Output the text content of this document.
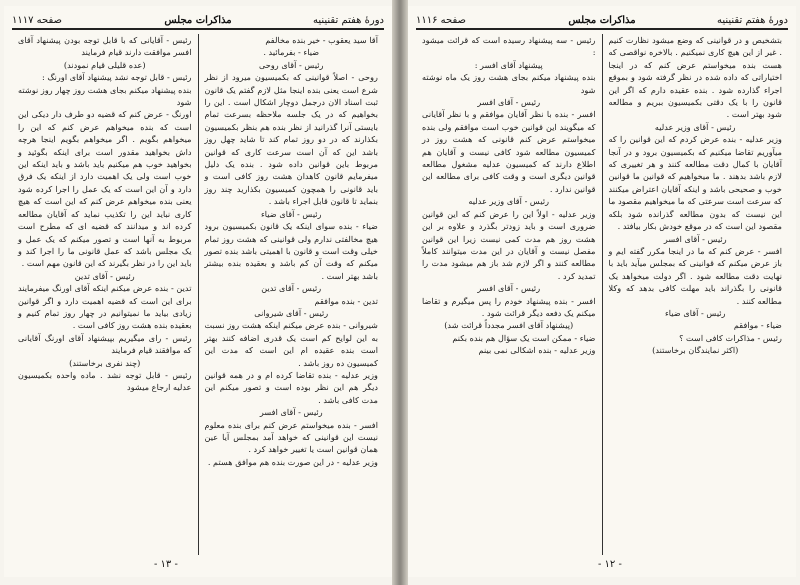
دورهٔ هفتم تقنینیه
مذاکرات مجلس
صفحه ۱۱۱۷

آقا سید یعقوب - خیر بنده مخالفم

ضیاء - بفرمائید .

رئیس - آقای روحی

روحی - اصلاً قوانینی که بکمیسیون میرود از نظر شرع است یعنی بنده اینجا مثل لازم گفتم یک قانون ثبت اسناد الان درجمل دوچار اشکال است . این را بخواهیم که در یک جلسه ملاحظه بسرعت تمام بایستی آنرا گذرانید از نظر بنده هم بنظر بکمیسیون بکذارند که در دو روز تمام کند تا شاید چهل روز باشد این که آن است سرعت کاری که قوانین مربوط باین قوانین داده شود . بنده یک دلیل میفرمایم قانون کاهدان هشت روز کافی است و باید قانونی را همچون کمیسیون بکذارید چند روز بنماید تا قانون قابل اجراء باشد .

رئیس - آقای ضیاء

ضیاء - بنده سوای اینکه یک قانون بکمیسیون برود هیچ مخالفتی ندارم ولی قوانینی که هشت روز تمام خیلی وقت است و قانون با اهمیتی باشد بنده تصور میکنم که وقت آن کم باشد و بعقیده بنده بیشتر باشد بهتر است .

رئیس - آقای تدین

تدین - بنده موافقم

رئیس - آقای شیروانی

شیروانی - بنده عرض میکنم اینکه هشت روز نسبت به این لوایح کم است یک قدری اضافه کنند بهتر است بنده عقیده ام این است که مدت این کمیسیون ده روز باشد .

وزیر عدلیه - بنده تقاضا کرده ام و در همه قوانین دیگر هم این نظر بوده است و تصور میکنم این مدت کافی باشد .

رئیس - آقای افسر

افسر - بنده میخواستم عرض کنم برای بنده معلوم نیست این قوانینی که خواهد آمد بمجلس آیا عین همان قوانین است یا تغییر خواهد کرد .

وزیر عدلیه - در این صورت بنده هم موافق هستم .

رئیس - آقایانی که با قابل توجه بودن پیشنهاد آقای افسر موافقت دارند قیام فرمایند

(عده قلیلی قیام نمودند)

رئیس - قابل توجه نشد پیشنهاد آقای اورنگ :

بنده پیشنهاد میکنم بجای هشت روز چهار روز نوشته شود

اورنگ - عرض کنم که قضیه دو طرف دار دیکی این است که بنده میخواهم عرض کنم که این را میخواهم بگویم . اگر میخواهم بگویم اینجا هرچه داش بخواهید مقدور است برای اینکه بگوئید و بخواهید خوب هم میکنیم باید باشد و باید اینکه این خوب است ولی یک اهمیت دارد از اینکه یک فرق دارد و آن این است که یک عمل را اجرا کرده شود یعنی بنده میخواهم عرض کنم که این است که هیچ کاری نباید این را تکذیب نماید که آقایان مطالعه کرده اند و میدانند که قضیه ای که مطرح است مربوط به آنها است و تصور میکنم که یک عمل و یک مجلس باشد که عمل قانونی ما را اجرا کند و باید این را در نظر بگیرند که این قانون مهم است .

رئیس - آقای تدین

تدین - بنده عرض میکنم اینکه آقای اورنگ میفرمایند برای این است که قضیه اهمیت دارد و اگر قوانین زیادی بیاید ما نمیتوانیم در چهار روز تمام کنیم و بعقیده بنده هشت روز کافی است .

رئیس - رای میگیریم بپیشنهاد آقای اورنگ آقایانی که موافقند قیام فرمایند

(چند نفری برخاستند)

رئیس - قابل توجه نشد . ماده واحده بکمیسیون عدلیه ارجاع میشود

- ۱۳ -
دورهٔ هفتم تقنینیه
مذاکرات مجلس
صفحه ۱۱۱۶

بتشخیص و در قوانینی که وضع میشود نظارت کنیم . غیر از این هیچ کاری نمیکنیم . بالاخره نواقصی که هست بنده میخواستم عرض کنم که در اینجا اختیاراتی که داده شده در نظر گرفته شود و بموقع اجراء گذارده شود . بنده عقیده دارم که اگر این قانون را با یک دقتی بکمیسیون ببریم و مطالعه شود بهتر است .

رئیس - آقای وزیر عدلیه

وزیر عدلیه - بنده عرض کردم که این قوانین را که میآوریم تقاضا میکنیم که بکمیسیون برود و در آنجا آقایان با کمال دقت مطالعه کنند و هر تغییری که لازم باشد بدهند . ما میخواهیم که قوانین ما قوانین خوب و صحیحی باشد و اینکه آقایان اعتراض میکنند که سرعت است سرعتی که ما میخواهیم مقصود ما این نیست که بدون مطالعه گذرانده شود بلکه مقصود این است که در موقع خودش بکار بیافتد .

رئیس - آقای افسر

افسر - عرض کنم که ما در اینجا مکرر گفته ایم و باز عرض میکنم که قوانینی که بمجلس میآید باید با نهایت دقت مطالعه شود . اگر دولت میخواهد یک قانونی را بگذراند باید مهلت کافی بدهد که وکلا مطالعه کنند .

رئیس - آقای ضیاء

ضیاء - موافقم

رئیس - مذاکرات کافی است ؟

(اکثر نمایندگان برخاستند)

رئیس - سه پیشنهاد رسیده است که قرائت میشود :

پیشنهاد آقای افسر :

بنده پیشنهاد میکنم بجای هشت روز یک ماه نوشته شود

رئیس - آقای افسر

افسر - بنده با نظر آقایان موافقم و با نظر آقایانی که میگویند این قوانین خوب است موافقم ولی بنده میخواستم عرض کنم قانونی که هشت روز در کمیسیون مطالعه شود کافی نیست و آقایان هم اطلاع دارند که کمیسیون عدلیه مشغول مطالعه قوانین دیگری است و وقت کافی برای مطالعه این قوانین ندارد .

رئیس - آقای وزیر عدلیه

وزیر عدلیه - اولاً این را عرض کنم که این قوانین ضروری است و باید زودتر بگذرد و علاوه بر این هشت روز هم مدت کمی نیست زیرا این قوانین مفصل نیست و آقایان در این مدت میتوانند کاملاً مطالعه کنند و اگر لازم شد باز هم میشود مدت را تمدید کرد .

رئیس - آقای افسر

افسر - بنده پیشنهاد خودم را پس میگیرم و تقاضا میکنم یک دفعه دیگر قرائت شود .

(پیشنهاد آقای افسر مجدداً قرائت شد)

ضیاء - ممکن است یک سؤال هم بنده بکنم

وزیر عدلیه - بنده اشکالی نمی بینم

- ۱۲ -
